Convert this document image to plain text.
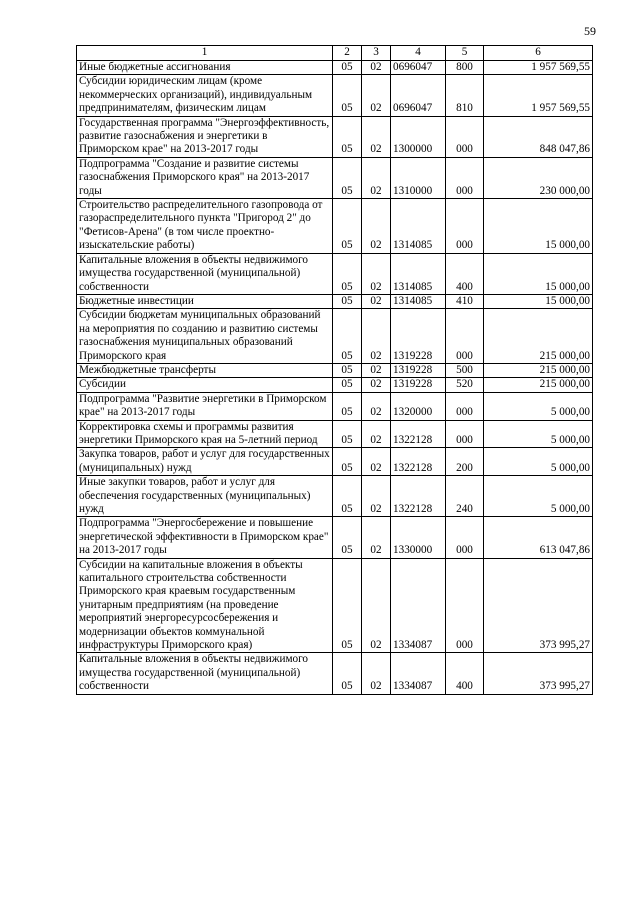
59
1	2	3	4	5	6
Иные бюджетные ассигнования	05	02	0696047	800	1 957 569,55
Субсидии юридическим лицам (кроме некоммерческих организаций), индивидуальным предпринимателям, физическим лицам	05	02	0696047	810	1 957 569,55
Государственная программа "Энергоэффективность, развитие газоснабжения и энергетики в Приморском крае" на 2013-2017 годы	05	02	1300000	000	848 047,86
Подпрограмма "Создание и развитие системы газоснабжения Приморского края" на 2013-2017 годы	05	02	1310000	000	230 000,00
Строительство распределительного газопровода от газораспределительного пункта "Пригород 2" до "Фетисов-Арена" (в том числе проектно-изыскательские работы)	05	02	1314085	000	15 000,00
Капитальные вложения в объекты недвижимого имущества государственной (муниципальной) собственности	05	02	1314085	400	15 000,00
Бюджетные инвестиции	05	02	1314085	410	15 000,00
Субсидии бюджетам муниципальных образований на мероприятия по созданию и развитию системы газоснабжения муниципальных образований Приморского края	05	02	1319228	000	215 000,00
Межбюджетные трансферты	05	02	1319228	500	215 000,00
Субсидии	05	02	1319228	520	215 000,00
Подпрограмма "Развитие энергетики в Приморском крае" на 2013-2017 годы	05	02	1320000	000	5 000,00
Корректировка схемы и программы развития энергетики Приморского края на 5-летний период	05	02	1322128	000	5 000,00
Закупка товаров, работ и услуг для государственных (муниципальных) нужд	05	02	1322128	200	5 000,00
Иные закупки товаров, работ и услуг для обеспечения государственных (муниципальных) нужд	05	02	1322128	240	5 000,00
Подпрограмма "Энергосбережение и повышение энергетической эффективности в Приморском крае" на 2013-2017 годы	05	02	1330000	000	613 047,86
Субсидии на капитальные вложения в объекты капитального строительства собственности Приморского края краевым государственным унитарным предприятиям (на проведение мероприятий энергоресурсосбережения и модернизации объектов коммунальной инфраструктуры Приморского края)	05	02	1334087	000	373 995,27
Капитальные вложения в объекты недвижимого имущества государственной (муниципальной) собственности	05	02	1334087	400	373 995,27
